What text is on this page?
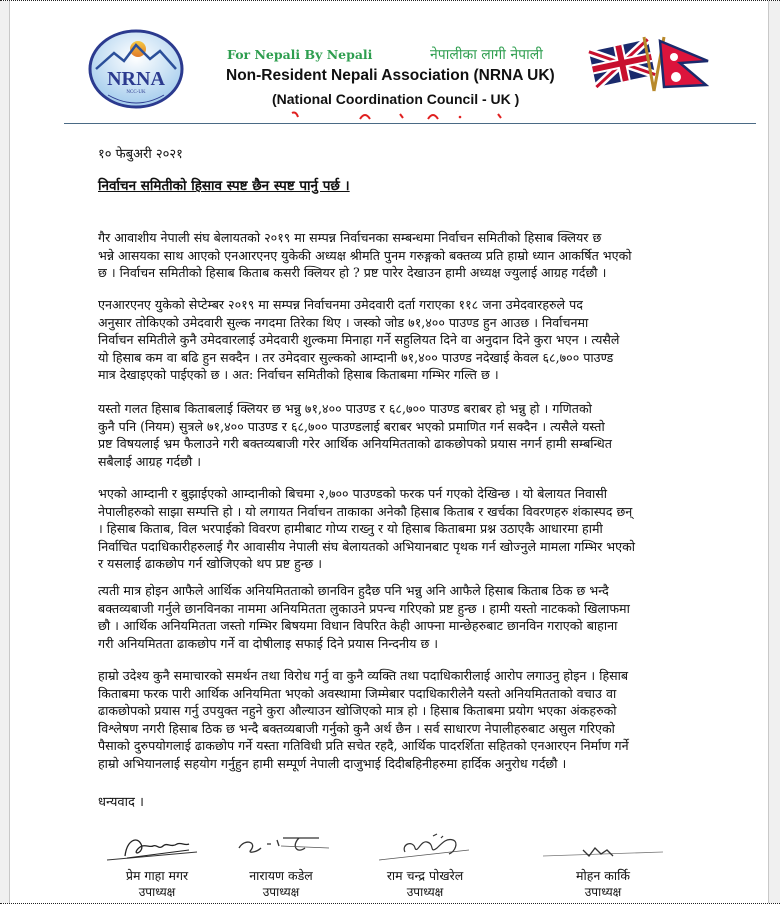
NRNA
NCC-UK
For Nepali By Nepali	नेपालीका लागी नेपाली
Non-Resident Nepali Association (NRNA UK)
(National Coordination Council - UK )
१० फेबुअरी २०२१
निर्वाचन समितीको हिसाव स्पष्ट छैन स्पष्ट पार्नु पर्छ ।
गैर आवाशीय नेपाली संघ बेलायतको २०१९ मा सम्पन्न निर्वाचनका सम्बन्धमा निर्वाचन समितीको हिसाब क्लियर छ
भन्ने आसयका साथ आएको एनआरएनए युकेकी अध्यक्ष श्रीमति पुनम गरुङ्गको बक्तव्य प्रति हाम्रो ध्यान आकर्षित भएको
छ । निर्वाचन समितीको हिसाब किताब कसरी क्लियर हो ? प्रष्ट पारेर देखाउन हामी अध्यक्ष ज्युलाई आग्रह गर्दछौ ।
एनआरएनए युकेको सेप्टेम्बर २०१९ मा सम्पन्न निर्वाचनमा उमेदवारी दर्ता गराएका ११८ जना उमेदवारहरुले पद
अनुसार तोकिएको उमेदवारी सुल्क नगदमा तिरेका थिए । जस्को जोड ७१,४०० पाउण्ड हुन आउछ । निर्वाचनमा
निर्वाचन समितीले कुनै उमेदवारलाई उमेदवारी शुल्कमा मिनाहा गर्ने सहुलियत दिने वा अनुदान दिने कुरा भएन । त्यसैले
यो हिसाब कम वा बढि हुन सक्दैन । तर उमेदवार सुल्कको आम्दानी ७१,४०० पाउण्ड नदेखाई केवल ६८,७०० पाउण्ड
मात्र देखाइएको पाईएको छ । अत: निर्वाचन समितीको हिसाब किताबमा गम्भिर गल्ति छ ।
यस्तो गलत हिसाब किताबलाई क्लियर छ भन्नु ७१,४०० पाउण्ड र ६८,७०० पाउण्ड बराबर हो भन्नु हो । गणितको
कुनै पनि (नियम) सुत्रले ७१,४०० पाउण्ड र ६८,७०० पाउण्डलाई बराबर भएको प्रमाणित गर्न सक्दैन । त्यसैले यस्तो
प्रष्ट विषयलाई भ्रम फैलाउने गरी बक्तव्यबाजी गरेर आर्थिक अनियमितताको ढाकछोपको प्रयास नगर्न हामी सम्बन्धित
सबैलाई आग्रह गर्दछौ ।
भएको आम्दानी र बुझाईएको आम्दानीको बिचमा २,७०० पाउण्डको फरक पर्न गएको देखिन्छ । यो बेलायत निवासी
नेपालीहरुको साझा सम्पत्ति हो । यो लगायत निर्वाचन ताकाका अनेकौ हिसाब किताब र खर्चका विवरणहरु शंकास्पद छन्
। हिसाब किताब, विल भरपाईको विवरण हामीबाट गोप्य राख्नु र यो हिसाब किताबमा प्रश्न उठाएकै आधारमा हामी
निर्वाचित पदाधिकारीहरुलाई गैर आवासीय नेपाली संघ बेलायतको अभियानबाट पृथक गर्न खोज्नुले मामला गम्भिर भएको
र यसलाई ढाकछोप गर्न खोजिएको थप प्रष्ट हुन्छ ।
त्यती मात्र होइन आफैले आर्थिक अनियमितताको छानविन हुदैछ पनि भन्नु अनि आफैले हिसाब किताब ठिक छ भन्दै
बक्तव्यबाजी गर्नुले छानविनका नाममा अनियमितता लुकाउने प्रपन्च गरिएको प्रष्ट हुन्छ । हामी यस्तो नाटकको खिलाफमा
छौ । आर्थिक अनियमितता जस्तो गम्भिर बिषयमा विधान विपरित केही आफ्ना मान्छेहरुबाट छानविन गराएको बाहाना
गरी अनियमितता ढाकछोप गर्ने वा दोषीलाइ सफाई दिने प्रयास निन्दनीय छ ।
हाम्रो उदेश्य कुनै समाचारको समर्थन तथा विरोध गर्नु वा कुनै व्यक्ति तथा पदाधिकारीलाई आरोप लगाउनु होइन । हिसाब
किताबमा फरक पारी आर्थिक अनियमिता भएको अवस्थामा जिम्मेबार पदाधिकारीलेनै यस्तो अनियमितताको वचाउ वा
ढाकछोपको प्रयास गर्नु उपयुक्त नहुने कुरा औल्याउन खोजिएको मात्र हो । हिसाब किताबमा प्रयोग भएका अंकहरुको
विश्लेषण नगरी हिसाब ठिक छ भन्दै बक्तव्यबाजी गर्नुको कुनै अर्थ छैन । सर्व साधारण नेपालीहरुबाट असुल गरिएको
पैसाको दुरुपयोगलाई ढाकछोप गर्ने यस्ता गतिविधी प्रति सचेत रहदै, आर्थिक पादरर्शिता सहितको एनआरएन निर्माण गर्ने
हाम्रो अभियानलाई सहयोग गर्नुहुन हामी सम्पूर्ण नेपाली दाजुभाई दिदीबहिनीहरुमा हार्दिक अनुरोध गर्दछौ ।
धन्यवाद ।
प्रेम गाहा मगर
उपाध्यक्ष
नारायण कडेल
उपाध्यक्ष
राम चन्द्र पोखरेल
उपाध्यक्ष
मोहन कार्कि
उपाध्यक्ष
